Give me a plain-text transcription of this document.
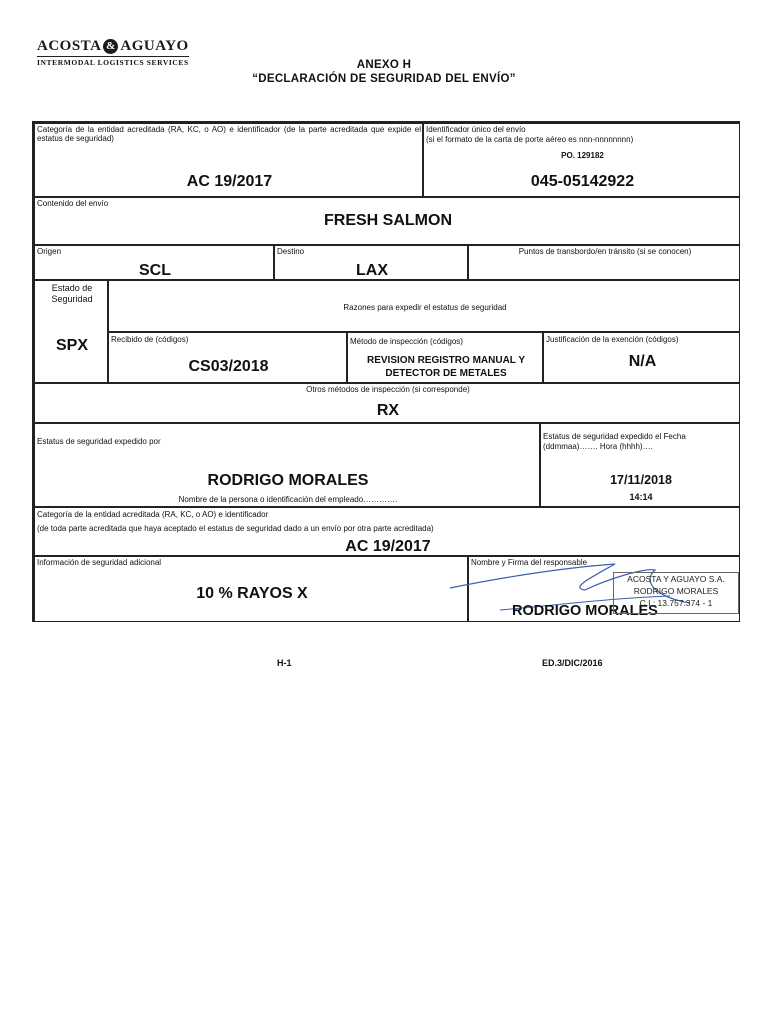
ACOSTA & AGUAYO
INTERMODAL LOGISTICS SERVICES	ANEXO H
“DECLARACIÓN DE SEGURIDAD DEL ENVÍO”
Categoría de la entidad acreditada (RA, KC, o AO) e identificador (de la parte acreditada que expide el estatus de seguridad)
AC 19/2017
Identificador único del envío
(si el formato de la carta de porte aéreo es nnn-nnnnnnnn)
PO. 129182
045-05142922
Contenido del envío
FRESH SALMON
Origen
SCL
Destino
LAX
Puntos de transbordo/en tránsito (si se conocen)
Estado de Seguridad
SPX
Razones para expedir el estatus de seguridad
Recibido de (códigos)
CS03/2018
Método de inspección (códigos)
REVISION REGISTRO MANUAL Y
DETECTOR DE METALES
Justificación de la exención (códigos)
N/A
Otros métodos de inspección (si corresponde)
RX
Estatus de seguridad expedido por
RODRIGO MORALES
Nombre de la persona o identificación del empleado………….
Estatus de seguridad expedido el Fecha
(ddmmaa)……. Hora (hhhh)….
17/11/2018
14:14
Categoría de la entidad acreditada (RA, KC, o AO) e identificador
(de toda parte acreditada que haya aceptado el estatus de seguridad dado a un envío por otra parte acreditada)
AC 19/2017
Información de seguridad adicional
10 % RAYOS X
Nombre y Firma del responsable
RODRIGO MORALES
ACOSTA Y AGUAYO S.A.
RODRIGO MORALES
C.I.: 13.757.374 - 1
H-1	ED.3/DIC/2016
